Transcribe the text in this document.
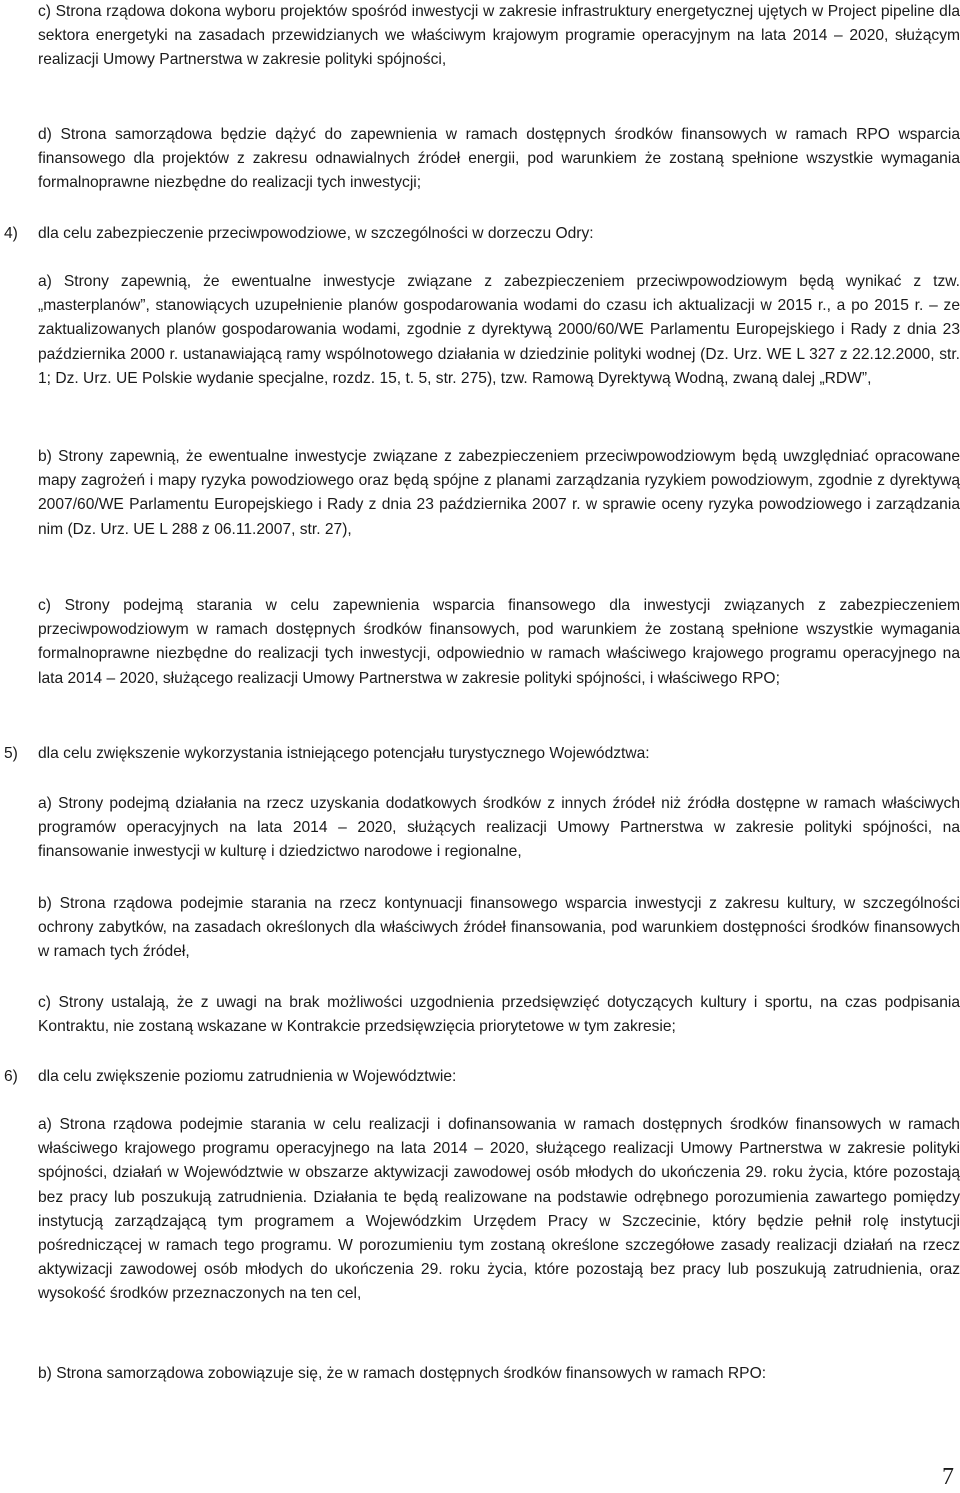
c) Strona rządowa dokona wyboru projektów spośród inwestycji w zakresie infrastruktury energetycznej ujętych w Project pipeline dla sektora energetyki na zasadach przewidzianych we właściwym krajowym programie operacyjnym na lata 2014 – 2020, służącym realizacji Umowy Partnerstwa w zakresie polityki spójności,

d) Strona samorządowa będzie dążyć do zapewnienia w ramach dostępnych środków finansowych w ramach RPO wsparcia finansowego dla projektów z zakresu odnawialnych źródeł energii, pod warunkiem że zostaną spełnione wszystkie wymagania formalnoprawne niezbędne do realizacji tych inwestycji;

4) dla celu zabezpieczenie przeciwpowodziowe, w szczególności w dorzeczu Odry:

a) Strony zapewnią, że ewentualne inwestycje związane z zabezpieczeniem przeciwpowodziowym będą wynikać z tzw. „masterplanów”, stanowiących uzupełnienie planów gospodarowania wodami do czasu ich aktualizacji w 2015 r., a po 2015 r. – ze zaktualizowanych planów gospodarowania wodami, zgodnie z dyrektywą 2000/60/WE Parlamentu Europejskiego i Rady z dnia 23 października 2000 r. ustanawiającą ramy wspólnotowego działania w dziedzinie polityki wodnej (Dz. Urz. WE L 327 z 22.12.2000, str. 1; Dz. Urz. UE Polskie wydanie specjalne, rozdz. 15, t. 5, str. 275), tzw. Ramową Dyrektywą Wodną, zwaną dalej „RDW”,

b) Strony zapewnią, że ewentualne inwestycje związane z zabezpieczeniem przeciwpowodziowym będą uwzględniać opracowane mapy zagrożeń i mapy ryzyka powodziowego oraz będą spójne z planami zarządzania ryzykiem powodziowym, zgodnie z dyrektywą 2007/60/WE Parlamentu Europejskiego i Rady z dnia 23 października 2007 r. w sprawie oceny ryzyka powodziowego i zarządzania nim (Dz. Urz. UE L 288 z 06.11.2007, str. 27),

c) Strony podejmą starania w celu zapewnienia wsparcia finansowego dla inwestycji związanych z zabezpieczeniem przeciwpowodziowym w ramach dostępnych środków finansowych, pod warunkiem że zostaną spełnione wszystkie wymagania formalnoprawne niezbędne do realizacji tych inwestycji, odpowiednio w ramach właściwego krajowego programu operacyjnego na lata 2014 – 2020, służącego realizacji Umowy Partnerstwa w zakresie polityki spójności, i właściwego RPO;

5) dla celu zwiększenie wykorzystania istniejącego potencjału turystycznego Województwa:

a) Strony podejmą działania na rzecz uzyskania dodatkowych środków z innych źródeł niż źródła dostępne w ramach właściwych programów operacyjnych na lata 2014 – 2020, służących realizacji Umowy Partnerstwa w zakresie polityki spójności, na finansowanie inwestycji w kulturę i dziedzictwo narodowe i regionalne,

b) Strona rządowa podejmie starania na rzecz kontynuacji finansowego wsparcia inwestycji z zakresu kultury, w szczególności ochrony zabytków, na zasadach określonych dla właściwych źródeł finansowania, pod warunkiem dostępności środków finansowych w ramach tych źródeł,

c) Strony ustalają, że z uwagi na brak możliwości uzgodnienia przedsięwzięć dotyczących kultury i sportu, na czas podpisania Kontraktu, nie zostaną wskazane w Kontrakcie przedsięwzięcia priorytetowe w tym zakresie;

6) dla celu zwiększenie poziomu zatrudnienia w Województwie:

a) Strona rządowa podejmie starania w celu realizacji i dofinansowania w ramach dostępnych środków finansowych w ramach właściwego krajowego programu operacyjnego na lata 2014 – 2020, służącego realizacji Umowy Partnerstwa w zakresie polityki spójności, działań w Województwie w obszarze aktywizacji zawodowej osób młodych do ukończenia 29. roku życia, które pozostają bez pracy lub poszukują zatrudnienia. Działania te będą realizowane na podstawie odrębnego porozumienia zawartego pomiędzy instytucją zarządzającą tym programem a Wojewódzkim Urzędem Pracy w Szczecinie, który będzie pełnił rolę instytucji pośredniczącej w ramach tego programu. W porozumieniu tym zostaną określone szczegółowe zasady realizacji działań na rzecz aktywizacji zawodowej osób młodych do ukończenia 29. roku życia, które pozostają bez pracy lub poszukują zatrudnienia, oraz wysokość środków przeznaczonych na ten cel,

b) Strona samorządowa zobowiązuje się, że w ramach dostępnych środków finansowych w ramach RPO:

7
